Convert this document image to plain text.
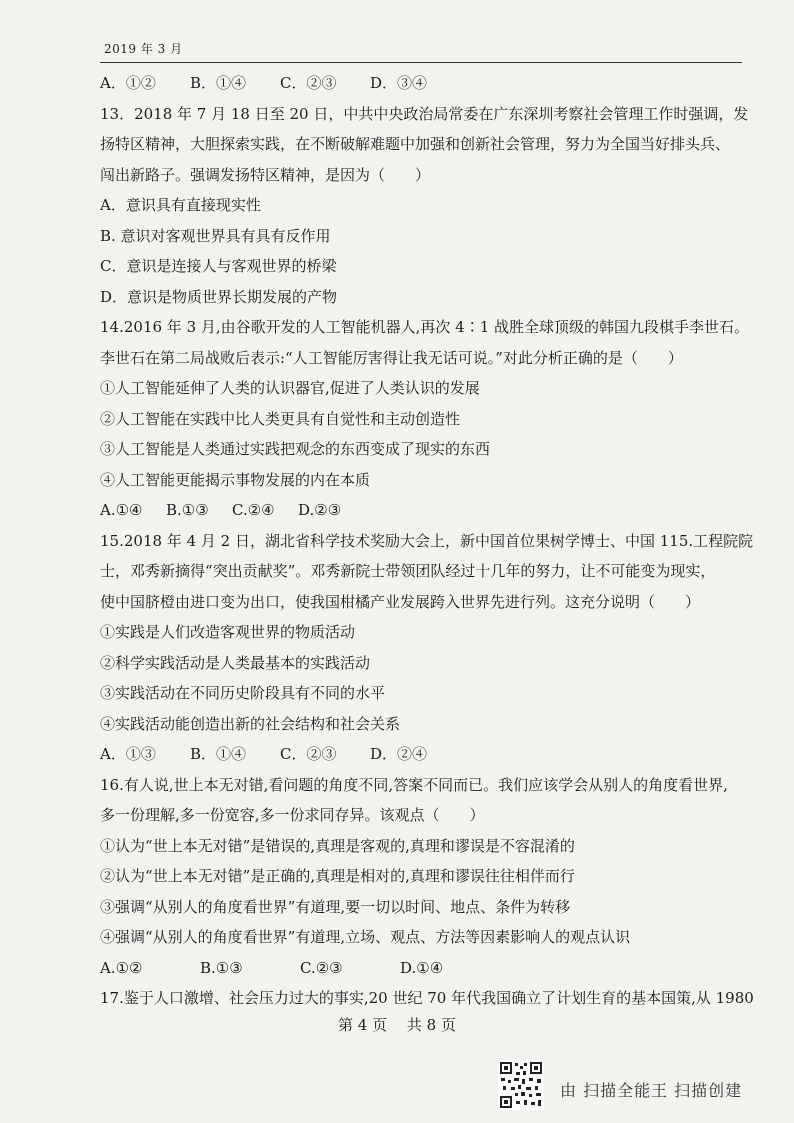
2019 年 3 月
A．①②	B．①④	C．②③	D．③④
13．2018 年 7 月 18 日至 20 日，中共中央政治局常委在广东深圳考察社会管理工作时强调，发
扬特区精神，大胆探索实践，在不断破解难题中加强和创新社会管理，努力为全国当好排头兵、
闯出新路子。强调发扬特区精神，是因为（　　）
A．意识具有直接现实性
B. 意识对客观世界具有具有反作用
C．意识是连接人与客观世界的桥梁
D．意识是物质世界长期发展的产物
14.2016 年 3 月,由谷歌开发的人工智能机器人,再次 4∶1 战胜全球顶级的韩国九段棋手李世石。
李世石在第二局战败后表示:“人工智能厉害得让我无话可说。”对此分析正确的是（　　）
①人工智能延伸了人类的认识器官,促进了人类认识的发展
②人工智能在实践中比人类更具有自觉性和主动创造性
③人工智能是人类通过实践把观念的东西变成了现实的东西
④人工智能更能揭示事物发展的内在本质
A.①④	B.①③	C.②④	D.②③
15.2018 年 4 月 2 日，湖北省科学技术奖励大会上，新中国首位果树学博士、中国 115.工程院院
士，邓秀新摘得“突出贡献奖”。邓秀新院士带领团队经过十几年的努力，让不可能变为现实，
使中国脐橙由进口变为出口，使我国柑橘产业发展跨入世界先进行列。这充分说明（　　）
①实践是人们改造客观世界的物质活动
②科学实践活动是人类最基本的实践活动
③实践活动在不同历史阶段具有不同的水平
④实践活动能创造出新的社会结构和社会关系
A．①③	B．①④	C．②③	D．②④
16.有人说,世上本无对错,看问题的角度不同,答案不同而已。我们应该学会从别人的角度看世界,
多一份理解,多一份宽容,多一份求同存异。该观点（　　）
①认为“世上本无对错”是错误的,真理是客观的,真理和谬误是不容混淆的
②认为“世上本无对错”是正确的,真理是相对的,真理和谬误往往相伴而行
③强调“从别人的角度看世界”有道理,要一切以时间、地点、条件为转移
④强调“从别人的角度看世界”有道理,立场、观点、方法等因素影响人的观点认识
A.①②	B.①③	C.②③	D.①④
17.鉴于人口激增、社会压力过大的事实,20 世纪 70 年代我国确立了计划生育的基本国策,从 1980
第 4 页　 共 8 页
由 扫描全能王 扫描创建
